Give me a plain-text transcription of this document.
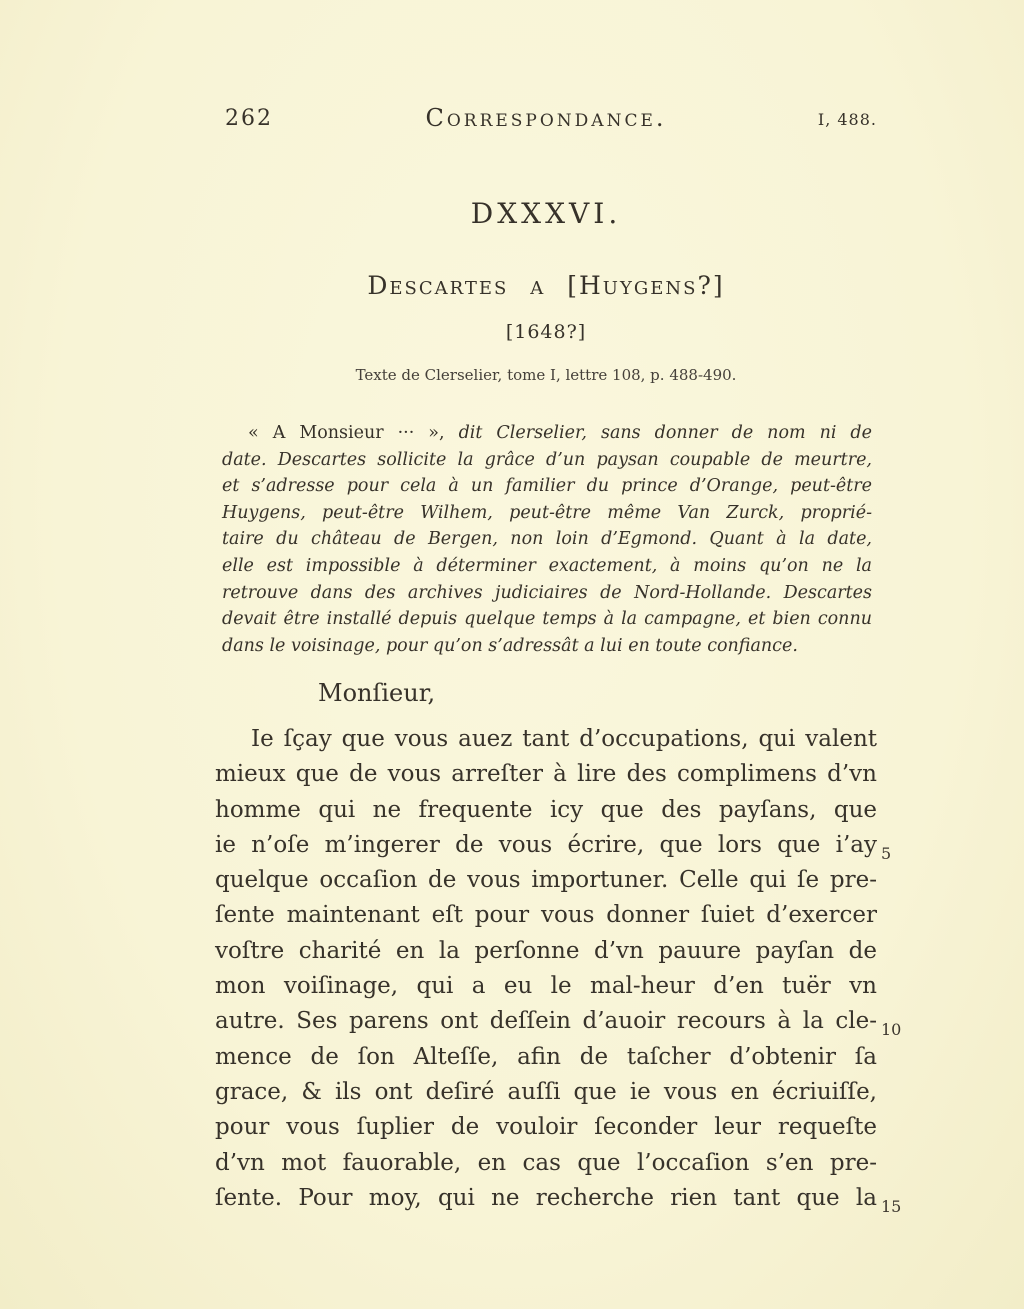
262	Correspondance.	I, 488.
DXXXVI.
Descartes a [Huygens?]
[1648?]
Texte de Clerselier, tome I, lettre 108, p. 488-490.
« A Monsieur ··· », dit Clerselier, sans donner de nom ni de
date. Descartes sollicite la grâce d’un paysan coupable de meurtre,
et s’adresse pour cela à un familier du prince d’Orange, peut-être
Huygens, peut-être Wilhem, peut-être même Van Zurck, proprié-
taire du château de Bergen, non loin d’Egmond. Quant à la date,
elle est impossible à déterminer exactement, à moins qu’on ne la
retrouve dans des archives judiciaires de Nord-Hollande. Descartes
devait être installé depuis quelque temps à la campagne, et bien connu
dans le voisinage, pour qu’on s’adressât a lui en toute confiance.
Monſieur,
Ie ſçay que vous auez tant d’occupations, qui valent
mieux que de vous arreſter à lire des complimens d’vn
homme qui ne frequente icy que des payſans, que
ie n’oſe m’ingerer de vous écrire, que lors que i’ay 5
quelque occaſion de vous importuner. Celle qui ſe pre-
ſente maintenant eſt pour vous donner ſuiet d’exercer
voſtre charité en la perſonne d’vn pauure payſan de
mon voiſinage, qui a eu le mal-heur d’en tuër vn
autre. Ses parens ont deſſein d’auoir recours à la cle- 10
mence de ſon Alteſſe, afin de taſcher d’obtenir ſa
grace, & ils ont deſiré auſſi que ie vous en écriuiſſe,
pour vous ſuplier de vouloir ſeconder leur requeſte
d’vn mot fauorable, en cas que l’occaſion s’en pre-
ſente. Pour moy, qui ne recherche rien tant que la 15
